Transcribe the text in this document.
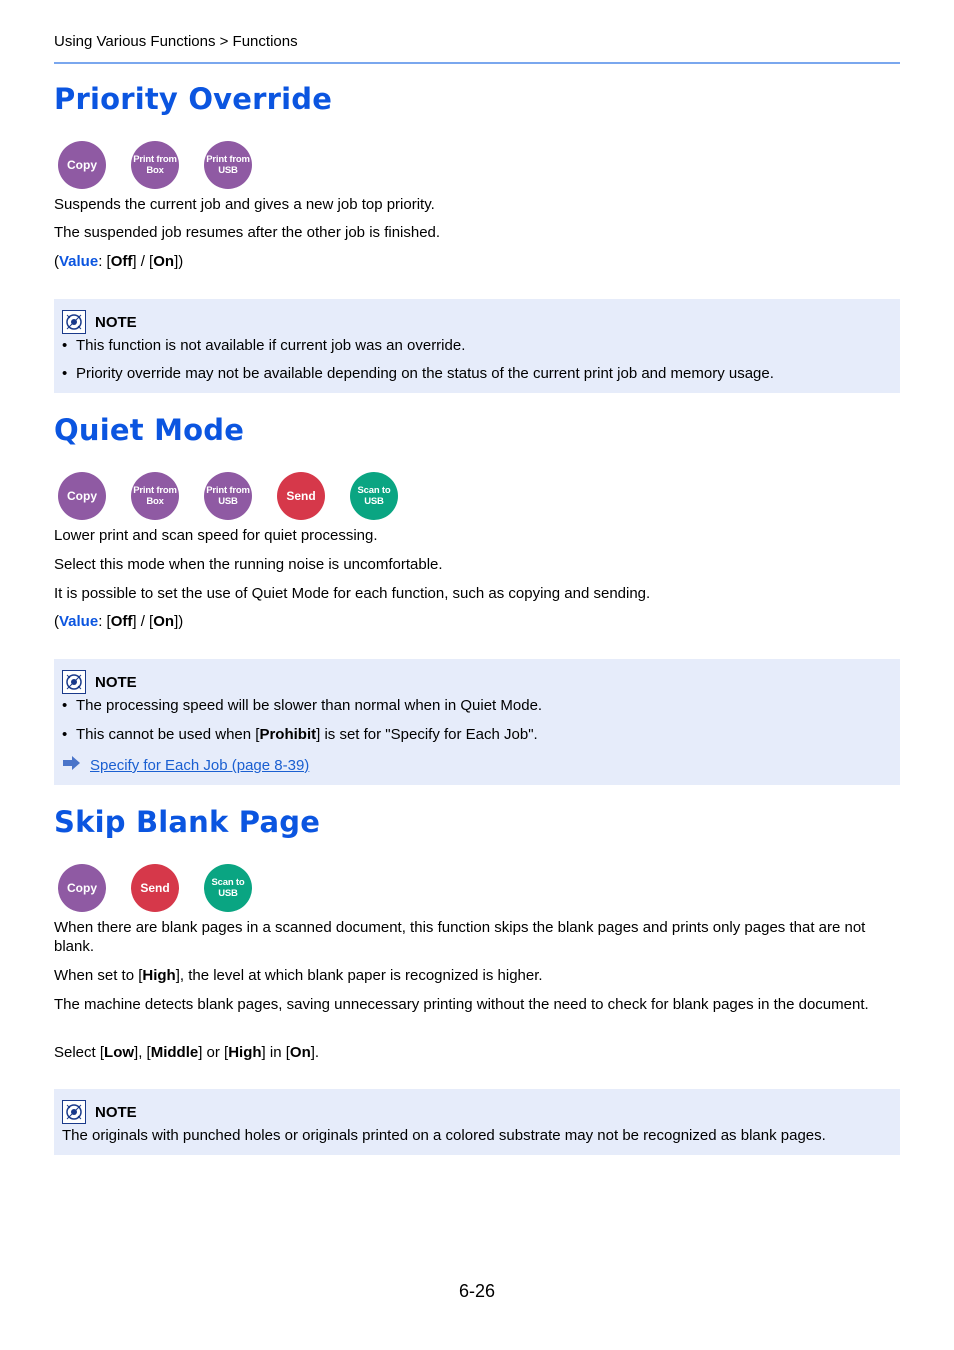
Using Various Functions > Functions
Priority Override
Copy	Print from
Box
Print from
USB

Suspends the current job and gives a new job top priority.

The suspended job resumes after the other job is finished.

(Value: [Off] / [On])

NOTE
• This function is not available if current job was an override.
• Priority override may not be available depending on the status of the current print job and memory usage.
Quiet Mode
Copy	Print from
Box
Print from
USB	Send	Scan to
USB

Lower print and scan speed for quiet processing.

Select this mode when the running noise is uncomfortable.

It is possible to set the use of Quiet Mode for each function, such as copying and sending.

(Value: [Off] / [On])

NOTE
• The processing speed will be slower than normal when in Quiet Mode.
• This cannot be used when [Prohibit] is set for "Specify for Each Job".
Specify for Each Job (page 8-39)
Skip Blank Page
Copy	Send	Scan to
USB

When there are blank pages in a scanned document, this function skips the blank pages and prints only pages that are not blank.

When set to [High], the level at which blank paper is recognized is higher.

The machine detects blank pages, saving unnecessary printing without the need to check for blank pages in the document.

Select [Low], [Middle] or [High] in [On].

NOTE
The originals with punched holes or originals printed on a colored substrate may not be recognized as blank pages.
6-26
